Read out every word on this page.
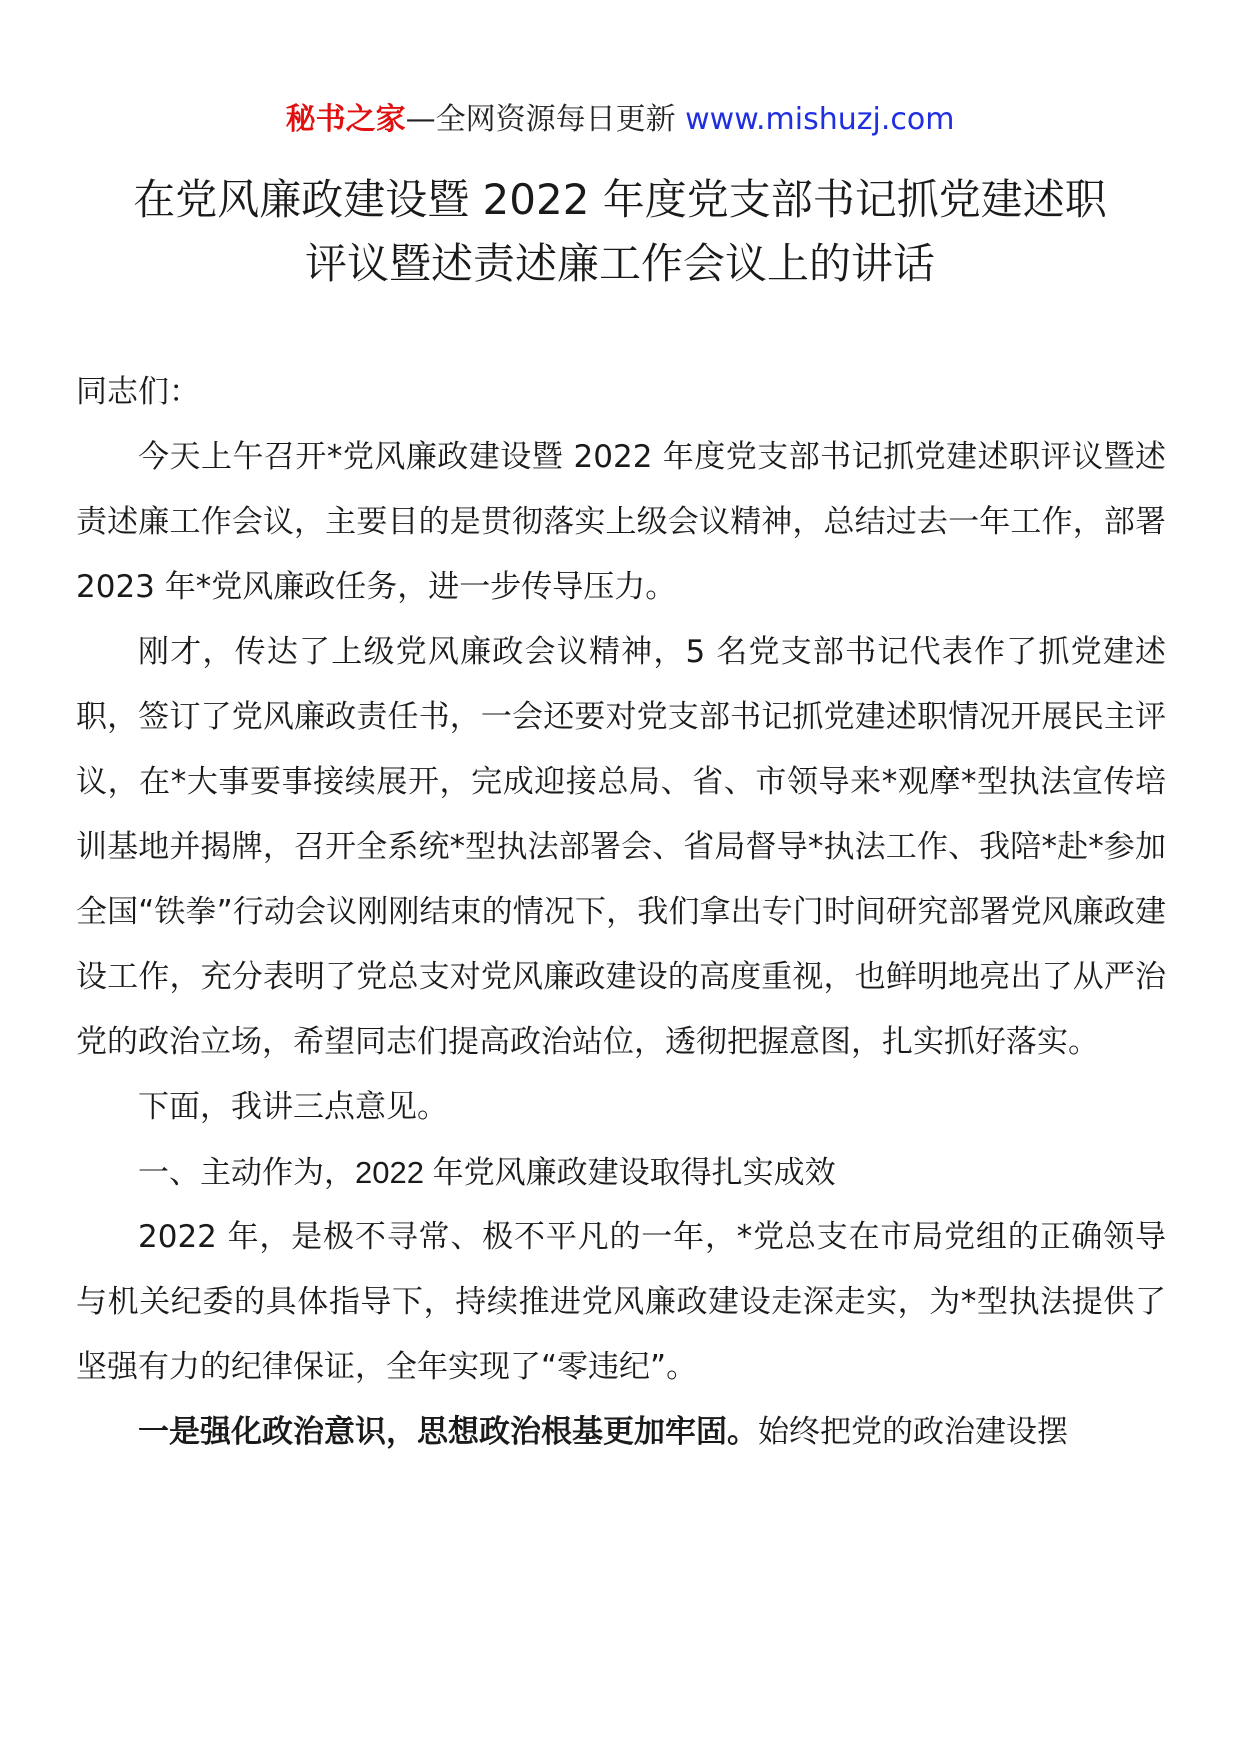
秘书之家—全网资源每日更新 www.mishuzj.com
在党风廉政建设暨 2022 年度党支部书记抓党建述职
评议暨述责述廉工作会议上的讲话

同志们：

今天上午召开*党风廉政建设暨 2022 年度党支部书记抓党建述职评议暨述责述廉工作会议，主要目的是贯彻落实上级会议精神，总结过去一年工作，部署 2023 年*党风廉政任务，进一步传导压力。

刚才，传达了上级党风廉政会议精神，5 名党支部书记代表作了抓党建述职，签订了党风廉政责任书，一会还要对党支部书记抓党建述职情况开展民主评议，在*大事要事接续展开，完成迎接总局、省、市领导来*观摩*型执法宣传培训基地并揭牌，召开全系统*型执法部署会、省局督导*执法工作、我陪*赴*参加全国“铁拳”行动会议刚刚结束的情况下，我们拿出专门时间研究部署党风廉政建设工作，充分表明了党总支对党风廉政建设的高度重视，也鲜明地亮出了从严治党的政治立场，希望同志们提高政治站位，透彻把握意图，扎实抓好落实。

下面，我讲三点意见。

一、主动作为，2022 年党风廉政建设取得扎实成效

2022 年，是极不寻常、极不平凡的一年，*党总支在市局党组的正确领导与机关纪委的具体指导下，持续推进党风廉政建设走深走实，为*型执法提供了坚强有力的纪律保证，全年实现了“零违纪”。

一是强化政治意识，思想政治根基更加牢固。始终把党的政治建设摆
